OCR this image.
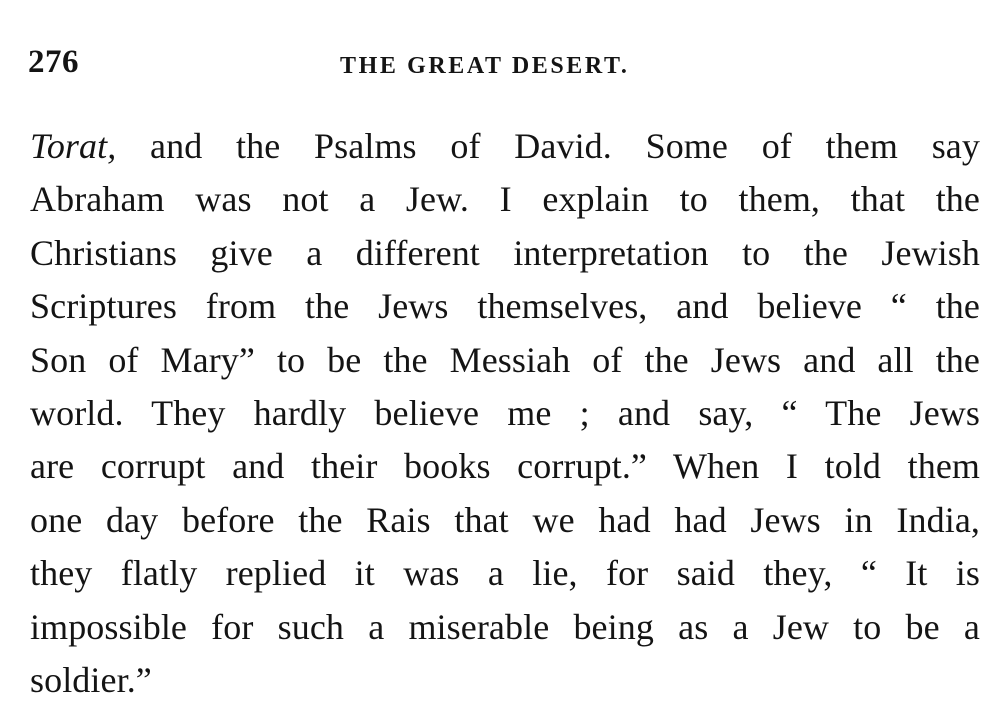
276	THE GREAT DESERT.
Torat, and the Psalms of David. Some of them say
Abraham was not a Jew. I explain to them, that the
Christians give a different interpretation to the Jewish
Scriptures from the Jews themselves, and believe “ the
Son of Mary” to be the Messiah of the Jews and all the
world. They hardly believe me ; and say, “ The Jews
are corrupt and their books corrupt.” When I told them
one day before the Rais that we had had Jews in India,
they flatly replied it was a lie, for said they, “ It is
impossible for such a miserable being as a Jew to be a
soldier.”
